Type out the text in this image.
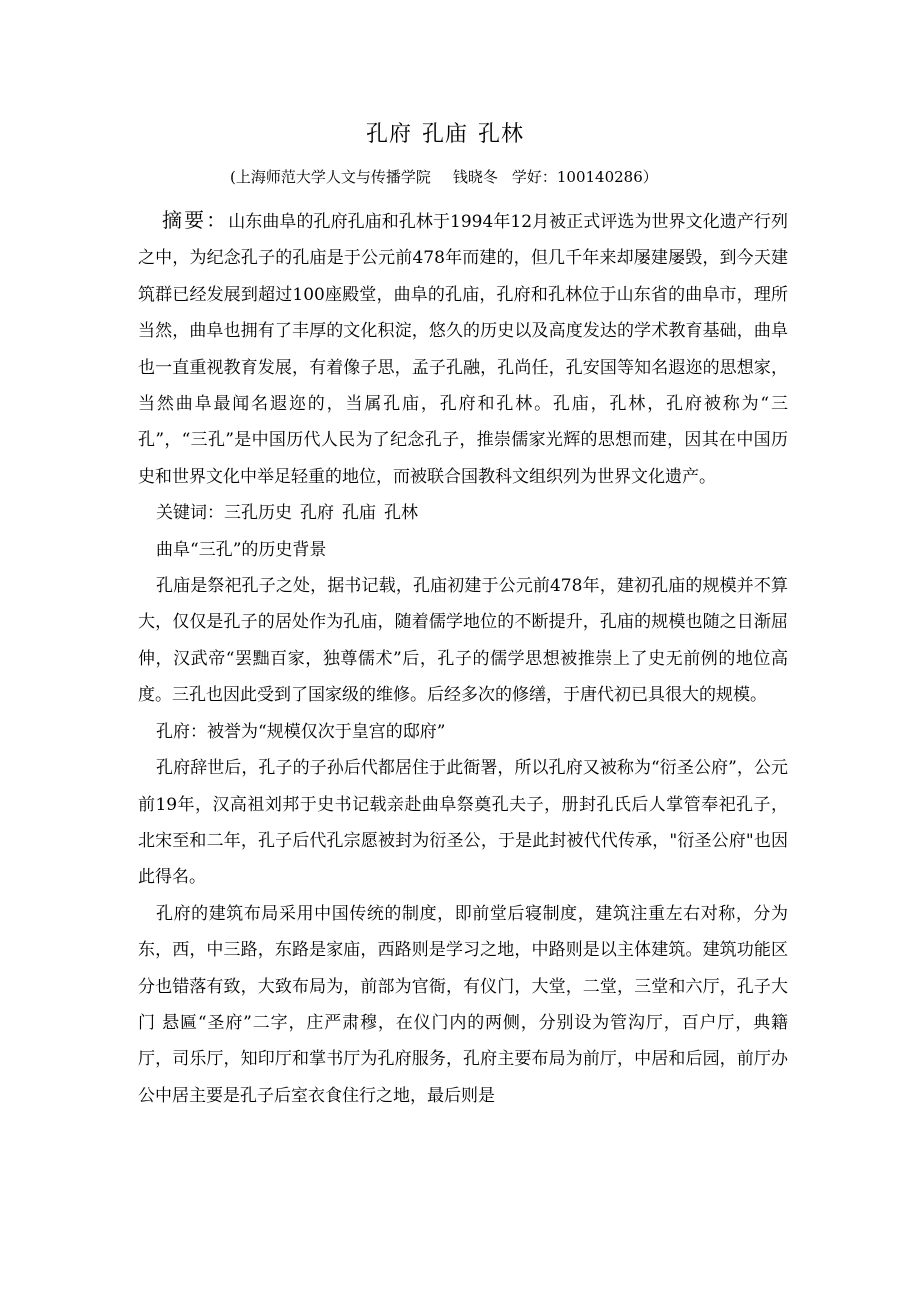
孔府 孔庙 孔林
(上海师范大学人文与传播学院 钱晓冬 学好：100140286）

摘要：山东曲阜的孔府孔庙和孔林于1994年12月被正式评选为世界文化遗产行列之中，为纪念孔子的孔庙是于公元前478年而建的，但几千年来却屡建屡毁，到今天建筑群已经发展到超过100座殿堂，曲阜的孔庙，孔府和孔林位于山东省的曲阜市，理所当然，曲阜也拥有了丰厚的文化积淀，悠久的历史以及高度发达的学术教育基础，曲阜也一直重视教育发展，有着像子思，孟子孔融，孔尚任，孔安国等知名遐迩的思想家，当然曲阜最闻名遐迩的，当属孔庙，孔府和孔林。孔庙，孔林，孔府被称为“三孔”，“三孔”是中国历代人民为了纪念孔子，推崇儒家光辉的思想而建，因其在中国历史和世界文化中举足轻重的地位，而被联合国教科文组织列为世界文化遗产。

关键词：三孔历史 孔府 孔庙 孔林

曲阜“三孔”的历史背景

孔庙是祭祀孔子之处，据书记载，孔庙初建于公元前478年，建初孔庙的规模并不算大，仅仅是孔子的居处作为孔庙，随着儒学地位的不断提升，孔庙的规模也随之日渐屈伸，汉武帝“罢黜百家，独尊儒术”后，孔子的儒学思想被推崇上了史无前例的地位高度。三孔也因此受到了国家级的维修。后经多次的修缮，于唐代初已具很大的规模。

孔府：被誉为“规模仅次于皇宫的邸府”

孔府辞世后，孔子的子孙后代都居住于此衙署，所以孔府又被称为“衍圣公府”，公元前19年，汉高祖刘邦于史书记载亲赴曲阜祭奠孔夫子，册封孔氏后人掌管奉祀孔子，北宋至和二年，孔子后代孔宗愿被封为衍圣公，于是此封被代代传承，"衍圣公府"也因此得名。

孔府的建筑布局采用中国传统的制度，即前堂后寝制度，建筑注重左右对称，分为东，西，中三路，东路是家庙，西路则是学习之地，中路则是以主体建筑。建筑功能区分也错落有致，大致布局为，前部为官衙，有仪门，大堂，二堂，三堂和六厅，孔子大门 悬匾“圣府”二字，庄严肃穆，在仪门内的两侧，分别设为管沟厅，百户厅，典籍厅，司乐厅，知印厅和掌书厅为孔府服务，孔府主要布局为前厅，中居和后园，前厅办公中居主要是孔子后室衣食住行之地，最后则是
